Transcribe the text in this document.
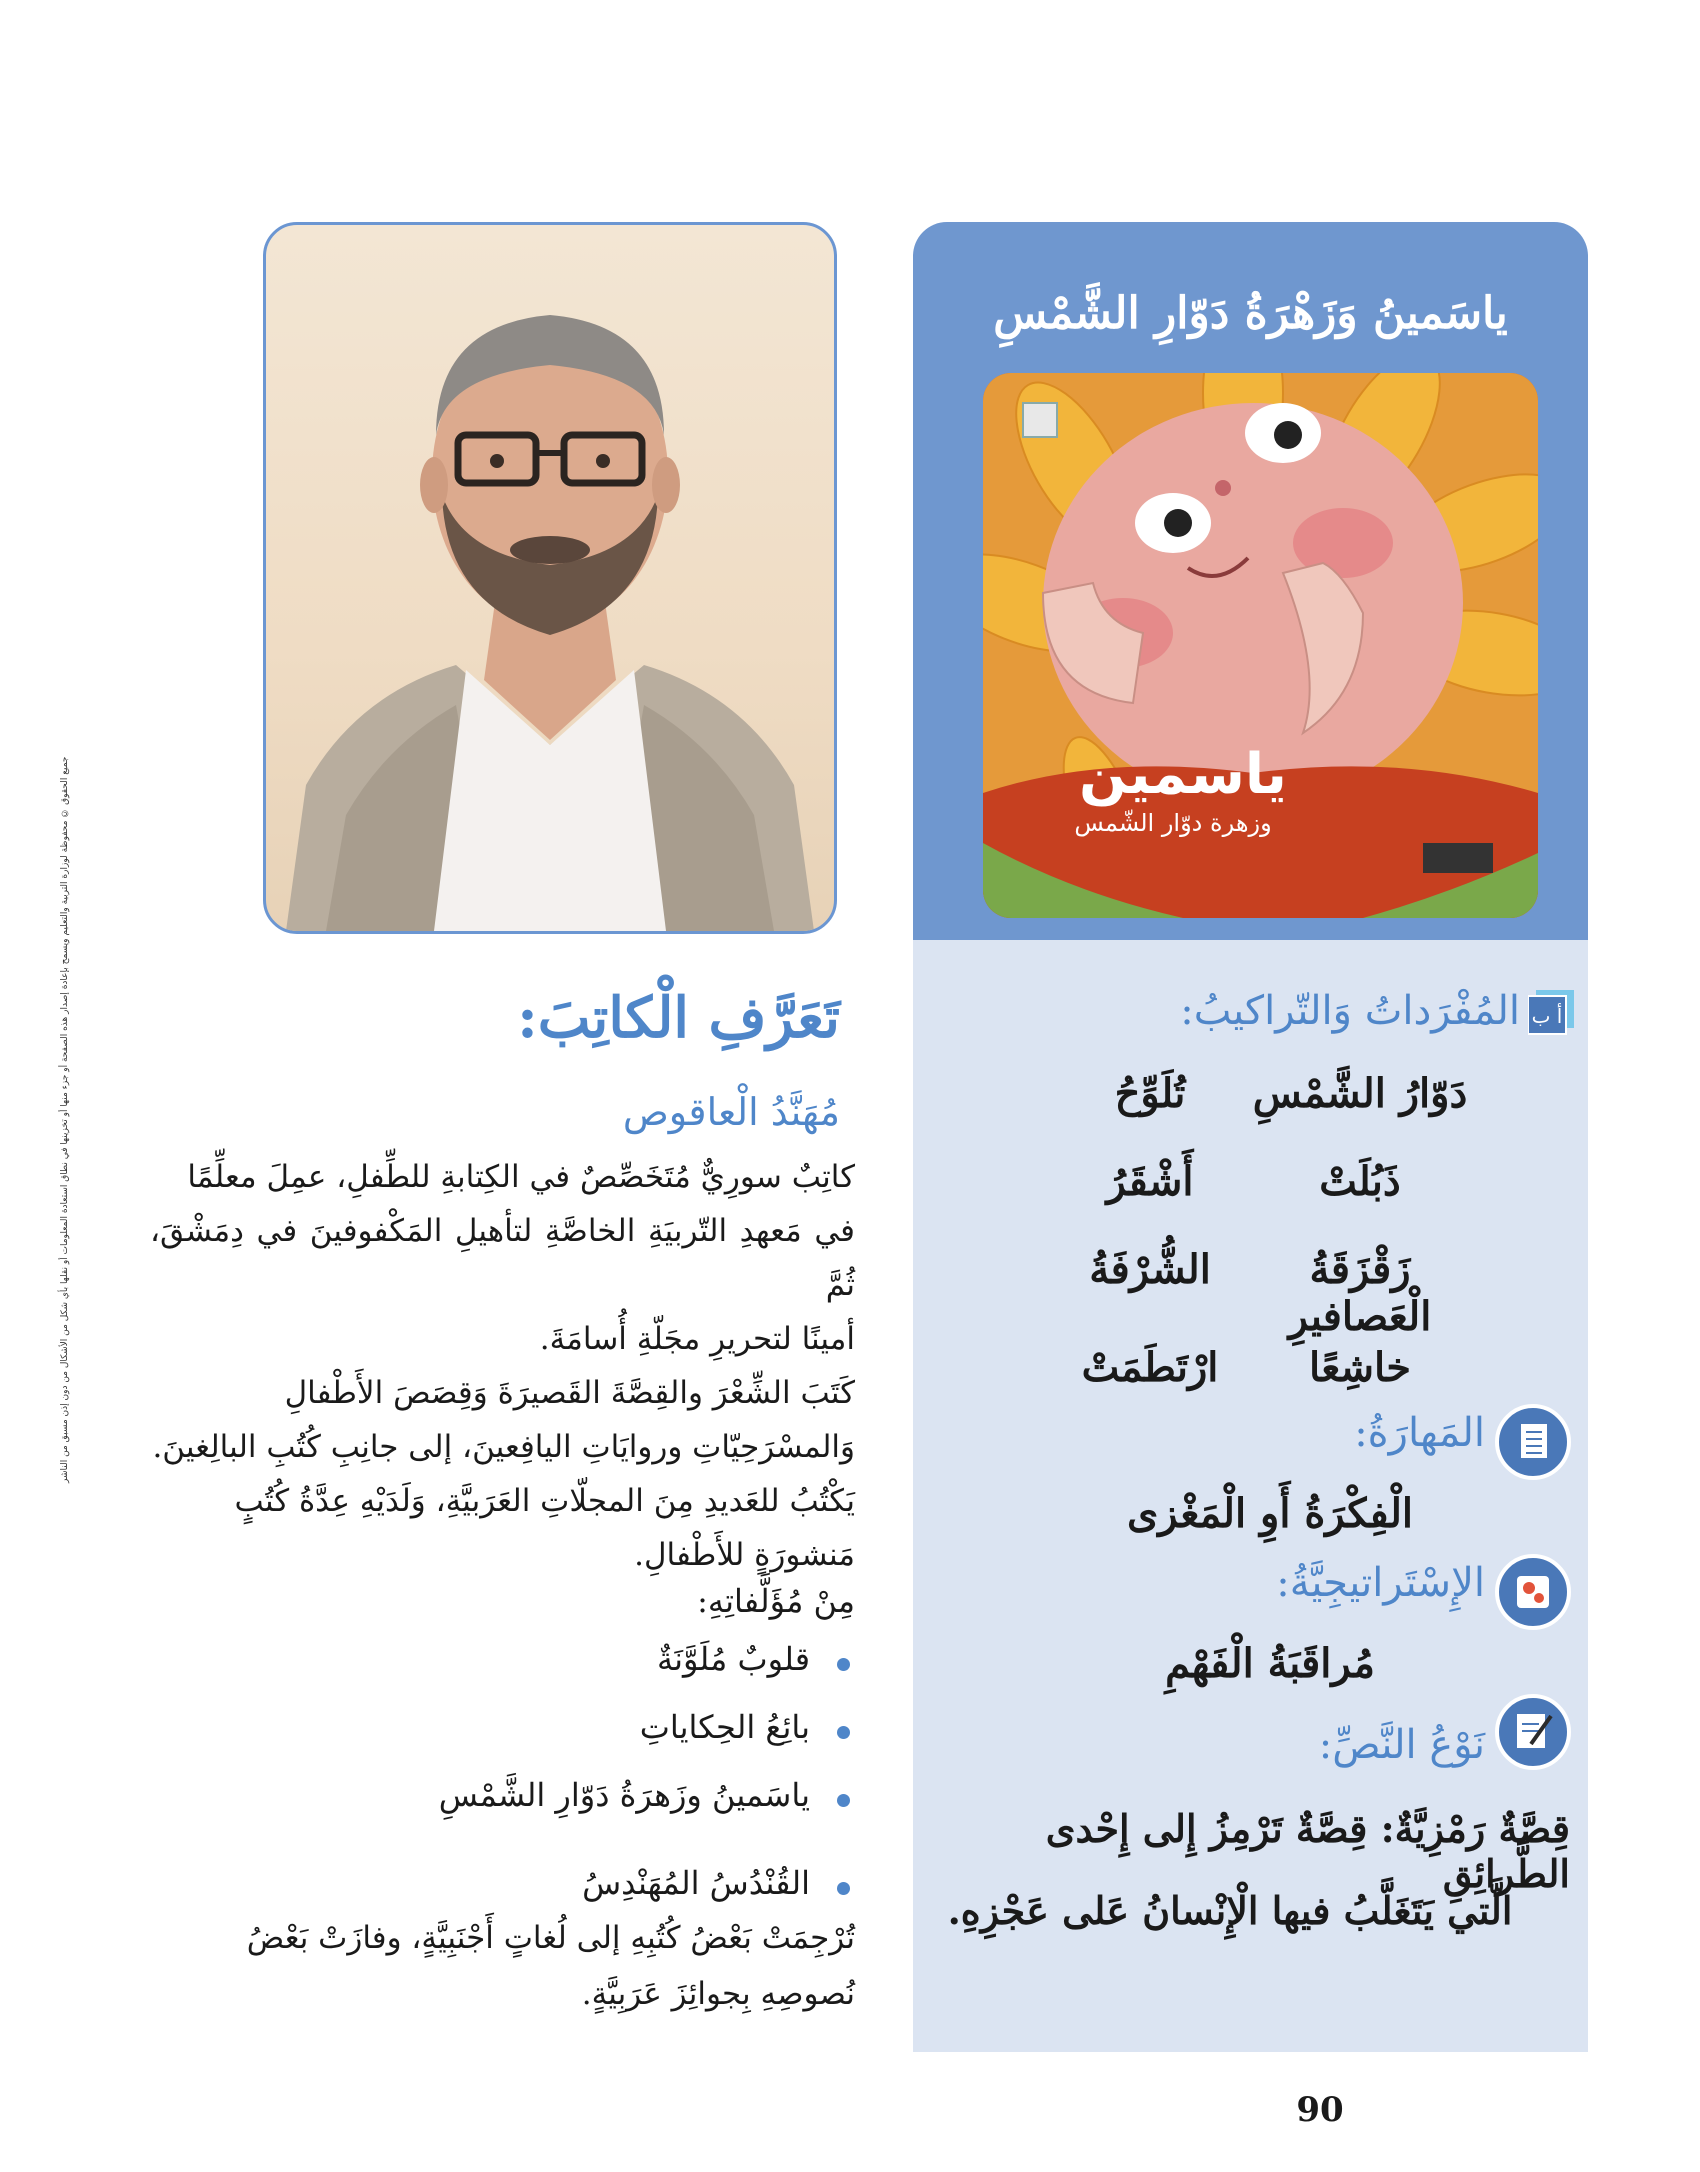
جميع الحقوق © محفوظة لوزارة التربية والتعليم ويسمح بإعادة إصدار هذه الصفحة أو جزء منها أو تخزينها في نطاق استعادة المعلومات أو نقلها بأي شكل من الأشكال من دون إذن مسبق من الناشر
ياسَمينُ وَزَهْرَةُ دَوّارِ الشَّمْسِ
ياسمين
وزهرة دوّار الشّمس
أ ب
المُفْرَداتُ وَالتّراكيبُ:
دَوّارُ الشَّمْسِ
تُلَوِّحُ
ذَبُلَتْ
أَشْقَرُ
زَقْزَقَةُ الْعَصافيرِ
الشُّرْفَةُ
خاشِعًا
ارْتَطَمَتْ
المَهارَةُ:
الْفِكْرَةُ أَوِ الْمَغْزى
الإِسْتَراتيجِيَّةُ:
مُراقَبَةُ الْفَهْمِ
نَوْعُ النَّصِّ:
قِصَّةٌ رَمْزِيَّةٌ: قِصَّةٌ تَرْمِزُ إِلى إِحْدى الطَّرائِقِ
الَّتي يَتَغَلَّبُ فيها الْإِنْسانُ عَلى عَجْزِهِ.
تَعَرَّفِ الْكاتِبَ:
مُهَنَّدُ الْعاقوص
كاتِبٌ سورِيٌّ مُتَخَصِّصٌ في الكِتابةِ للطِّفلِ، عمِلَ معلِّمًا
في مَعهدِ التّربيَةِ الخاصَّةِ لتأهيلِ المَكْفوفينَ في دِمَشْقَ، ثُمَّ
أمينًا لتحريرِ مجَلّةِ أُسامَةَ.
كَتَبَ الشِّعْرَ والقِصَّةَ القَصيرَةَ وَقِصَصَ الأَطْفالِ
وَالمسْرَحِيّاتِ وروايَاتِ اليافِعينَ، إلى جانِبِ كُتُبِ البالِغينَ.
يَكْتُبُ للعَديدِ مِنَ المجلّاتِ العَرَبيَّةِ، وَلَدَيْهِ عِدَّةُ كُتُبٍ
مَنشورَةٍ للأَطْفالِ.
مِنْ مُؤَلَّفاتِهِ:
قلوبٌ مُلَوَّنَةٌ
بائِعُ الحِكاياتِ
ياسَمينُ وزَهرَةُ دَوّارِ الشَّمْسِ
القُنْدُسُ المُهَنْدِسُ
تُرْجِمَتْ بَعْضُ كُتُبِهِ إلى لُغاتٍ أَجْنَبِيَّةٍ، وفازَتْ بَعْضُ
نُصوصِهِ بِجوائِزَ عَرَبِيَّةٍ.
90
